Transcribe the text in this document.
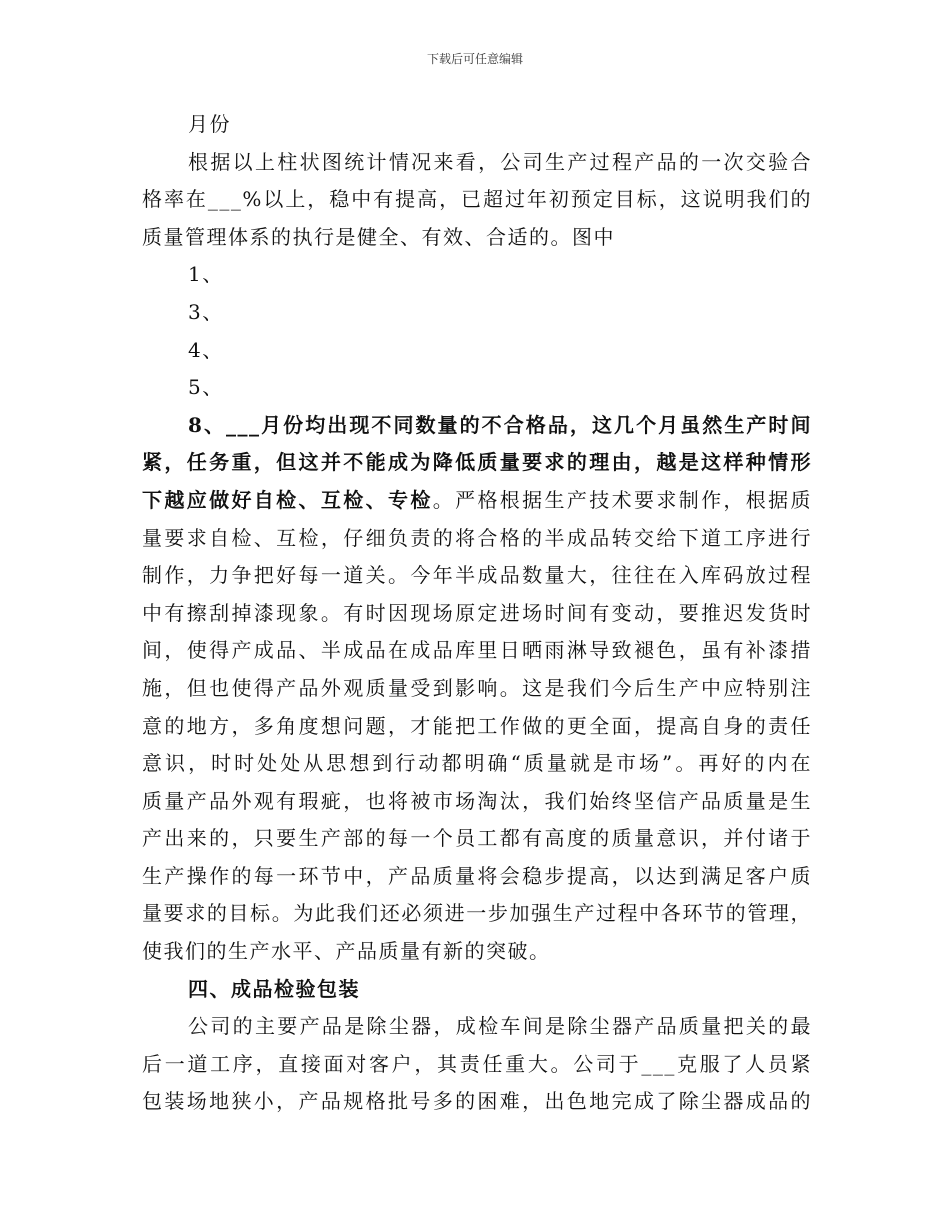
下载后可任意编辑
月份
根据以上柱状图统计情况来看，公司生产过程产品的一次交验合
格率在___%以上，稳中有提高，已超过年初预定目标，这说明我们的
质量管理体系的执行是健全、有效、合适的。图中
1、
3、
4、
5、
8、___月份均出现不同数量的不合格品，这几个月虽然生产时间
紧，任务重，但这并不能成为降低质量要求的理由，越是这样种情形
下越应做好自检、互检、专检。严格根据生产技术要求制作，根据质
量要求自检、互检，仔细负责的将合格的半成品转交给下道工序进行
制作，力争把好每一道关。今年半成品数量大，往往在入库码放过程
中有擦刮掉漆现象。有时因现场原定进场时间有变动，要推迟发货时
间，使得产成品、半成品在成品库里日晒雨淋导致褪色，虽有补漆措
施，但也使得产品外观质量受到影响。这是我们今后生产中应特别注
意的地方，多角度想问题，才能把工作做的更全面，提高自身的责任
意识，时时处处从思想到行动都明确“质量就是市场”。再好的内在
质量产品外观有瑕疵，也将被市场淘汰，我们始终坚信产品质量是生
产出来的，只要生产部的每一个员工都有高度的质量意识，并付诸于
生产操作的每一环节中，产品质量将会稳步提高，以达到满足客户质
量要求的目标。为此我们还必须进一步加强生产过程中各环节的管理，
使我们的生产水平、产品质量有新的突破。
四、成品检验包装
公司的主要产品是除尘器，成检车间是除尘器产品质量把关的最
后一道工序，直接面对客户，其责任重大。公司于___克服了人员紧
包装场地狭小，产品规格批号多的困难，出色地完成了除尘器成品的
